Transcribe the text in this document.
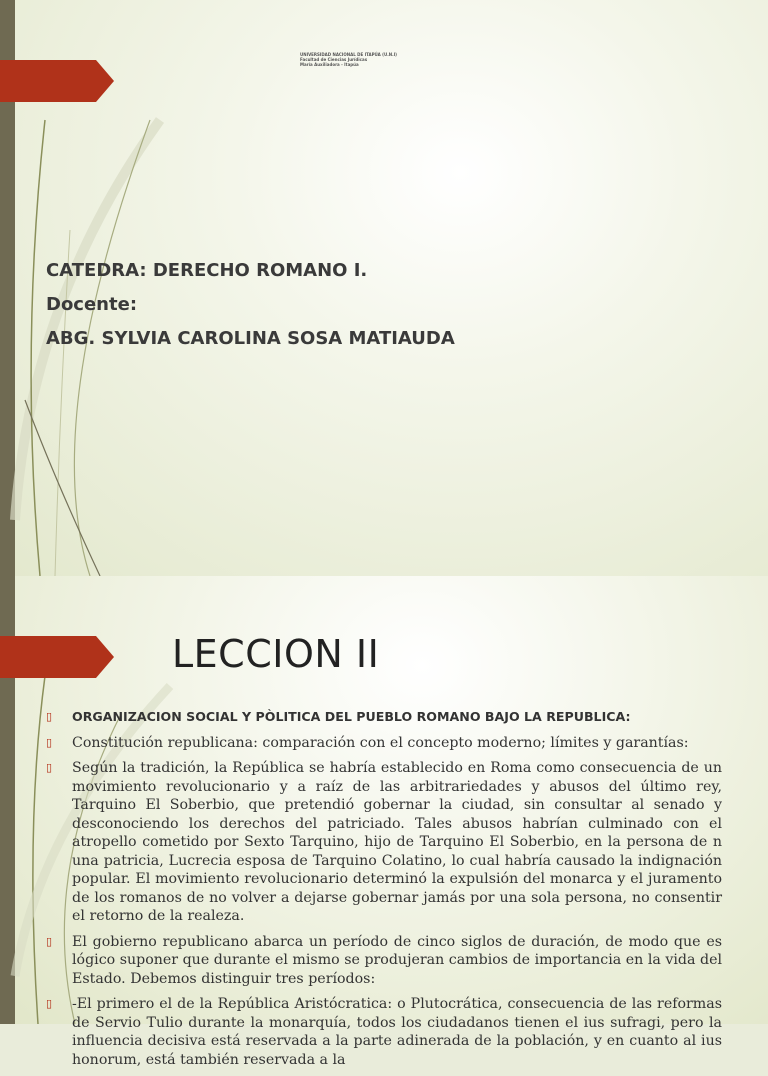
UNIVERSIDAD NACIONAL DE ITAPÚA (U.N.I)
Facultad de Ciencias Jurídicas
María Auxiliadora - Itapúa
CATEDRA: DERECHO ROMANO I.
Docente:
ABG. SYLVIA CAROLINA SOSA MATIAUDA
LECCION II
▯ ORGANIZACION SOCIAL Y PÒLITICA DEL PUEBLO ROMANO BAJO LA REPUBLICA:
▯ Constitución republicana: comparación con el concepto moderno; límites y garantías:
▯ Según la tradición, la República se habría establecido en Roma como consecuencia de un movimiento revolucionario y a raíz de las arbitrariedades y abusos del último rey, Tarquino El Soberbio, que pretendió gobernar la ciudad, sin consultar al senado y desconociendo los derechos del patriciado. Tales abusos habrían culminado con el atropello cometido por Sexto Tarquino, hijo de Tarquino El Soberbio, en la persona de n una patricia, Lucrecia esposa de Tarquino Colatino, lo cual habría causado la indignación popular. El movimiento revolucionario determinó la expulsión del monarca y el juramento de los romanos de no volver a dejarse gobernar jamás por una sola persona, no consentir el retorno de la realeza.
▯ El gobierno republicano abarca un período de cinco siglos de duración, de modo que es lógico suponer que durante el mismo se produjeran cambios de importancia en la vida del Estado. Debemos distinguir tres períodos:
▯ -El primero el de la República Aristócratica: o Plutocrática, consecuencia de las reformas de Servio Tulio durante la monarquía, todos los ciudadanos tienen el ius sufragi, pero la influencia decisiva está reservada a la parte adinerada de la población, y en cuanto al ius honorum, está también reservada a la
